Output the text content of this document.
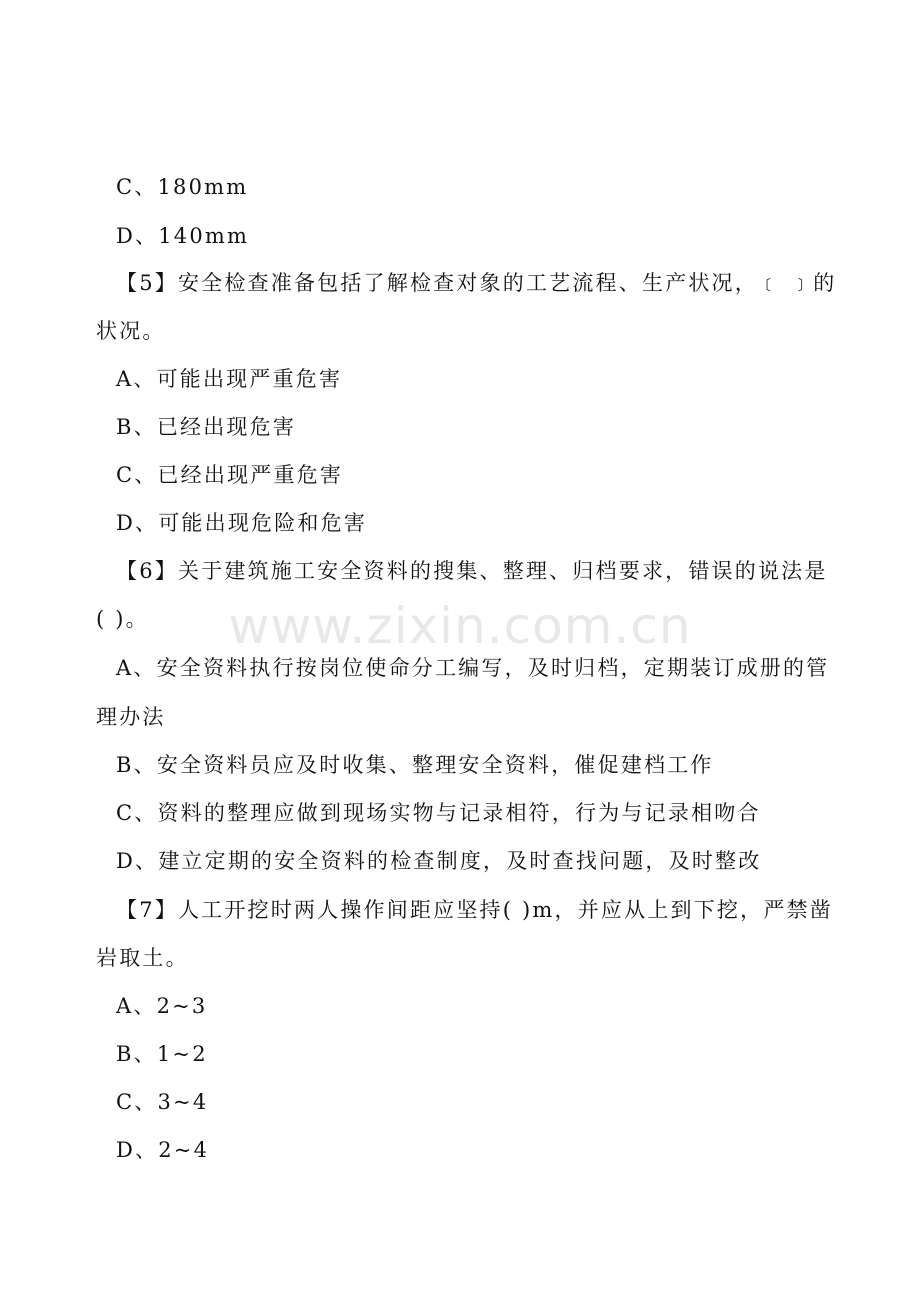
www.zixin.com.cn
C、180mm
D、140mm
【5】安全检查准备包括了解检查对象的工艺流程、生产状况，﹝ ﹞的
状况。
A、可能出现严重危害
B、已经出现危害
C、已经出现严重危害
D、可能出现危险和危害
【6】关于建筑施工安全资料的搜集、整理、归档要求，错误的说法是
( )。
A、安全资料执行按岗位使命分工编写，及时归档，定期装订成册的管
理办法
B、安全资料员应及时收集、整理安全资料，催促建档工作
C、资料的整理应做到现场实物与记录相符，行为与记录相吻合
D、建立定期的安全资料的检查制度，及时查找问题，及时整改
【7】人工开挖时两人操作间距应坚持( )m，并应从上到下挖，严禁凿
岩取土。
A、2~3
B、1~2
C、3~4
D、2~4
